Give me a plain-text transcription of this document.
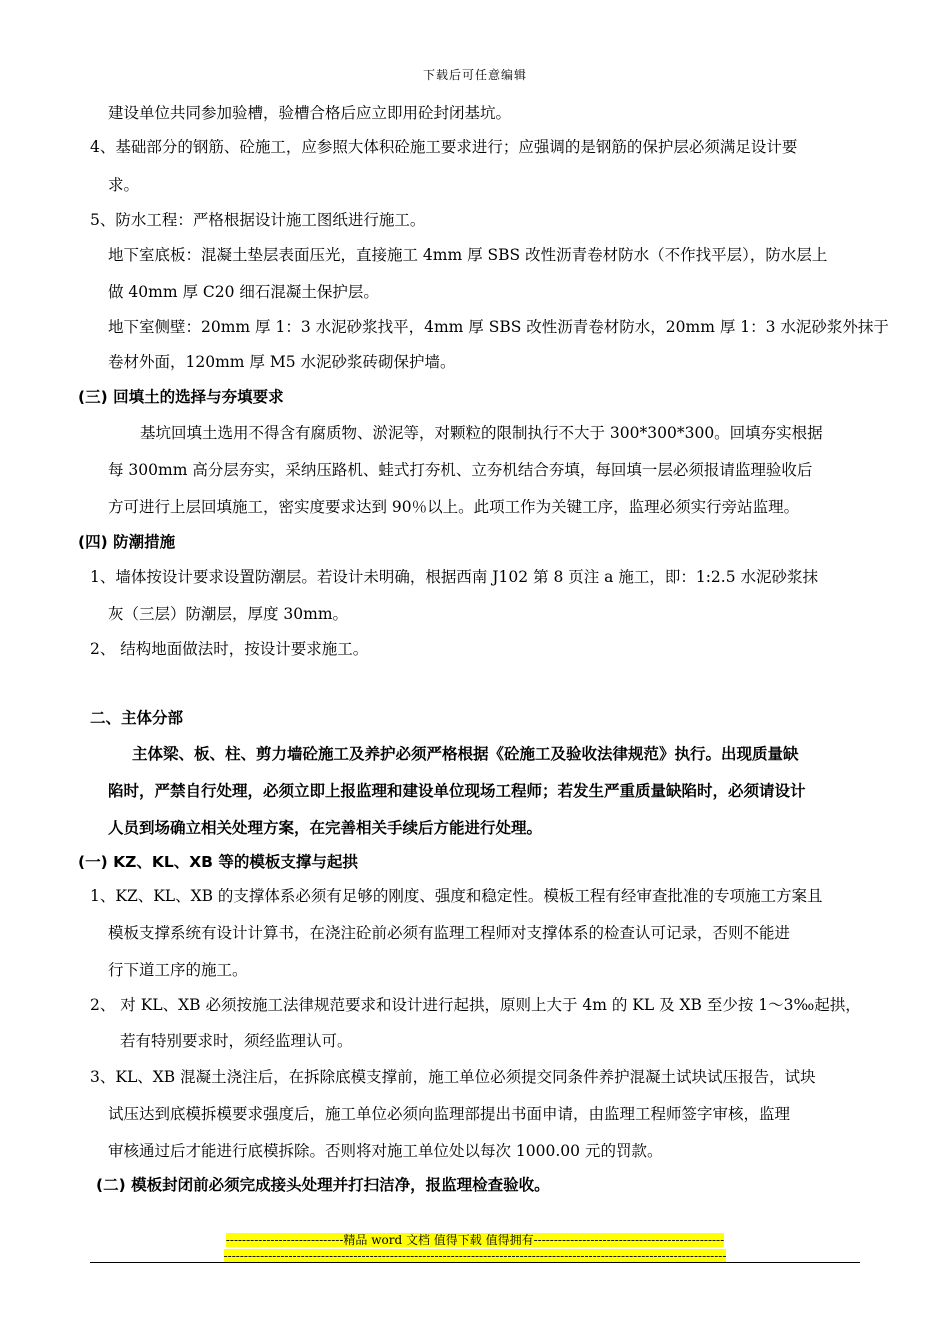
下载后可任意编辑
建设单位共同参加验槽，验槽合格后应立即用砼封闭基坑。
4、基础部分的钢筋、砼施工，应参照大体积砼施工要求进行；应强调的是钢筋的保护层必须满足设计要
求。
5、防水工程：严格根据设计施工图纸进行施工。
地下室底板：混凝土垫层表面压光，直接施工 4mm 厚 SBS 改性沥青卷材防水（不作找平层），防水层上
做 40mm 厚 C20 细石混凝土保护层。
地下室侧壁：20mm 厚 1：3 水泥砂浆找平，4mm 厚 SBS 改性沥青卷材防水，20mm 厚 1：3 水泥砂浆外抹于
卷材外面，120mm 厚 M5 水泥砂浆砖砌保护墙。
(三) 回填土的选择与夯填要求
基坑回填土选用不得含有腐质物、淤泥等，对颗粒的限制执行不大于 300*300*300。回填夯实根据
每 300mm 高分层夯实，采纳压路机、蛙式打夯机、立夯机结合夯填，每回填一层必须报请监理验收后
方可进行上层回填施工，密实度要求达到 90％以上。此项工作为关键工序，监理必须实行旁站监理。
(四) 防潮措施
1、墙体按设计要求设置防潮层。若设计未明确，根据西南 J102 第 8 页注 a 施工，即：1:2.5 水泥砂浆抹
灰（三层）防潮层，厚度 30mm。
2、 结构地面做法时，按设计要求施工。
二、主体分部
主体梁、板、柱、剪力墙砼施工及养护必须严格根据《砼施工及验收法律规范》执行。出现质量缺
陷时，严禁自行处理，必须立即上报监理和建设单位现场工程师；若发生严重质量缺陷时，必须请设计
人员到场确立相关处理方案，在完善相关手续后方能进行处理。
(一) KZ、KL、XB 等的模板支撑与起拱
1、KZ、KL、XB 的支撑体系必须有足够的刚度、强度和稳定性。模板工程有经审查批准的专项施工方案且
模板支撑系统有设计计算书，在浇注砼前必须有监理工程师对支撑体系的检查认可记录，否则不能进
行下道工序的施工。
2、 对 KL、XB 必须按施工法律规范要求和设计进行起拱，原则上大于 4m 的 KL 及 XB 至少按 1～3‰起拱，
若有特别要求时，须经监理认可。
3、KL、XB 混凝土浇注后，在拆除底模支撑前，施工单位必须提交同条件养护混凝土试块试压报告，试块
试压达到底模拆模要求强度后，施工单位必须向监理部提出书面申请，由监理工程师签字审核，监理
审核通过后才能进行底模拆除。否则将对施工单位处以每次 1000.00 元的罚款。
(二) 模板封闭前必须完成接头处理并打扫洁净，报监理检查验收。
-----------------------------精品 word 文档 值得下载 值得拥有-----------------------------------------------
----------------------------------------------------------------------------------------------------------------------------
